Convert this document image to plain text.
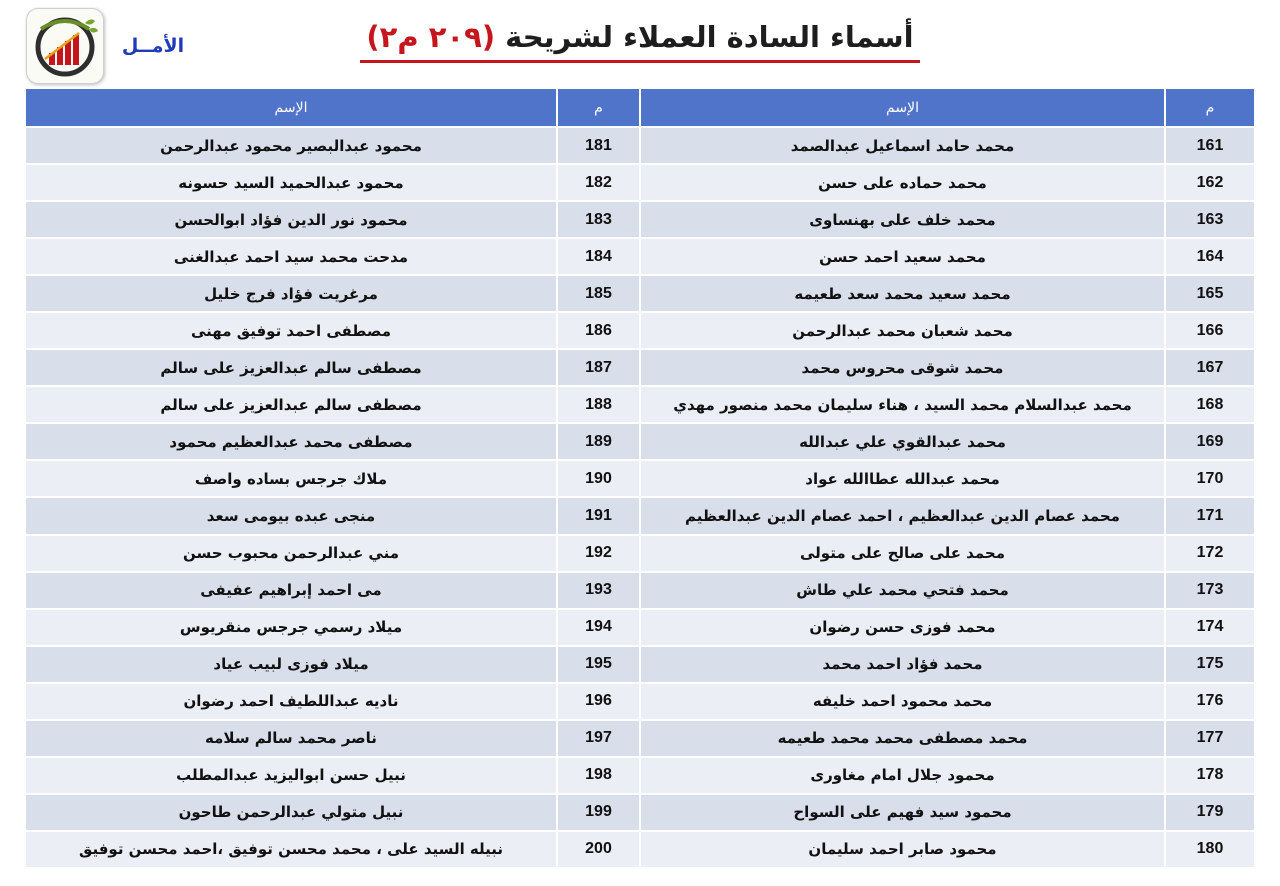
الأمــل	أسماء السادة العملاء لشريحة (٢٠٩ م٢)
م	الإسم	م	الإسم
161	محمد حامد اسماعيل عبدالصمد	181	محمود عبدالبصير محمود عبدالرحمن
162	محمد حماده على حسن	182	محمود عبدالحميد السيد حسونه
163	محمد خلف على بهنساوى	183	محمود نور الدين فؤاد ابوالحسن
164	محمد سعيد احمد حسن	184	مدحت محمد سيد احمد عبدالغنى
165	محمد سعيد محمد سعد طعيمه	185	مرغريت فؤاد فرج خليل
166	محمد شعبان محمد عبدالرحمن	186	مصطفى احمد توفيق مهنى
167	محمد شوقى محروس محمد	187	مصطفى سالم عبدالعزيز على سالم
168	محمد عبدالسلام محمد السيد ، هناء سليمان محمد منصور مهدي	188	مصطفى سالم عبدالعزيز على سالم
169	محمد عبدالقوي علي عبدالله	189	مصطفى محمد عبدالعظيم محمود
170	محمد عبدالله عطاالله عواد	190	ملاك جرجس بساده واصف
171	محمد عصام الدين عبدالعظيم ، احمد عصام الدين عبدالعظيم	191	منجى عبده بيومى سعد
172	محمد على صالح على متولى	192	مني عبدالرحمن محبوب حسن
173	محمد فتحي محمد علي طاش	193	مى احمد إبراهيم عفيفى
174	محمد فوزى حسن رضوان	194	ميلاد رسمي جرجس منقريوس
175	محمد فؤاد احمد محمد	195	ميلاد فوزى لبيب عياد
176	محمد محمود احمد خليفه	196	ناديه عبداللطيف احمد رضوان
177	محمد مصطفى محمد محمد طعيمه	197	ناصر محمد سالم سلامه
178	محمود جلال امام مغاورى	198	نبيل حسن ابواليزيد عبدالمطلب
179	محمود سيد فهيم على السواح	199	نبيل متولي عبدالرحمن طاحون
180	محمود صابر احمد سليمان	200	نبيله السيد على ، محمد محسن توفيق ،احمد محسن توفيق
